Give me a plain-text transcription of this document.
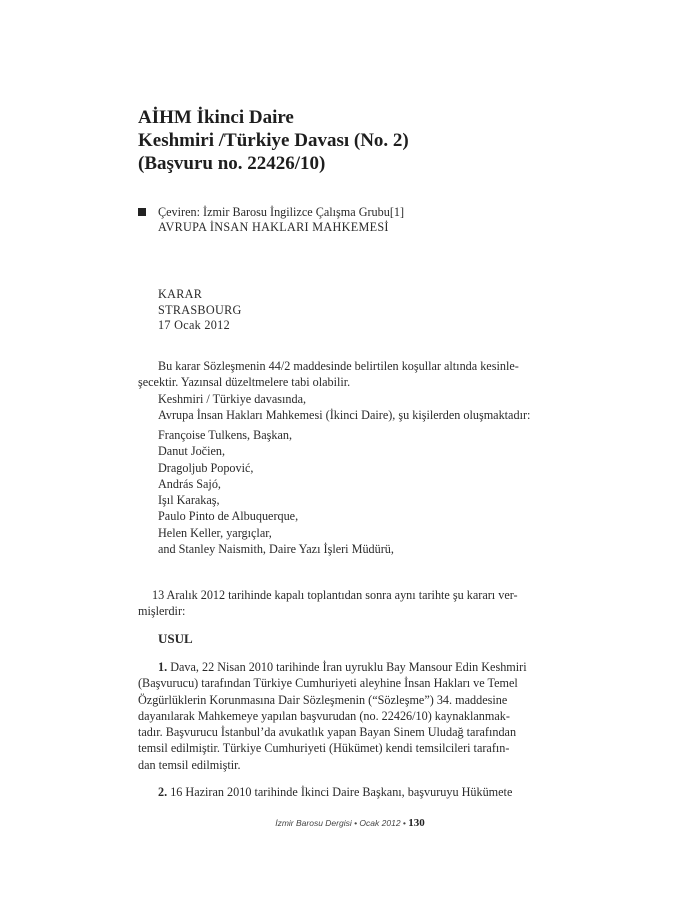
AİHM İkinci Daire
Keshmiri /Türkiye Davası (No. 2)
(Başvuru no. 22426/10)
Çeviren: İzmir Barosu İngilizce Çalışma Grubu[1]
AVRUPA İNSAN HAKLARI MAHKEMESİ
KARAR
STRASBOURG
17 Ocak 2012
Bu karar Sözleşmenin 44/2 maddesinde belirtilen koşullar altında kesinle-
şecektir. Yazınsal düzeltmelere tabi olabilir.
Keshmiri / Türkiye davasında,
Avrupa İnsan Hakları Mahkemesi (İkinci Daire), şu kişilerden oluşmaktadır:
Françoise Tulkens, Başkan,
Danut Jočien,
Dragoljub Popović,
András Sajó,
Işıl Karakaş,
Paulo Pinto de Albuquerque,
Helen Keller, yargıçlar,
and Stanley Naismith, Daire Yazı İşleri Müdürü,
13 Aralık 2012 tarihinde kapalı toplantıdan sonra aynı tarihte şu kararı ver-
mişlerdir:
USUL
1. Dava, 22 Nisan 2010 tarihinde İran uyruklu Bay Mansour Edin Keshmiri
(Başvurucu) tarafından Türkiye Cumhuriyeti aleyhine İnsan Hakları ve Temel
Özgürlüklerin Korunmasına Dair Sözleşmenin (“Sözleşme”) 34. maddesine
dayanılarak Mahkemeye yapılan başvurudan (no. 22426/10) kaynaklanmak-
tadır. Başvurucu İstanbul’da avukatlık yapan Bayan Sinem Uludağ tarafından
temsil edilmiştir. Türkiye Cumhuriyeti (Hükümet) kendi temsilcileri tarafın-
dan temsil edilmiştir.
2. 16 Haziran 2010 tarihinde İkinci Daire Başkanı, başvuruyu Hükümete
İzmir Barosu Dergisi • Ocak 2012 • 130
